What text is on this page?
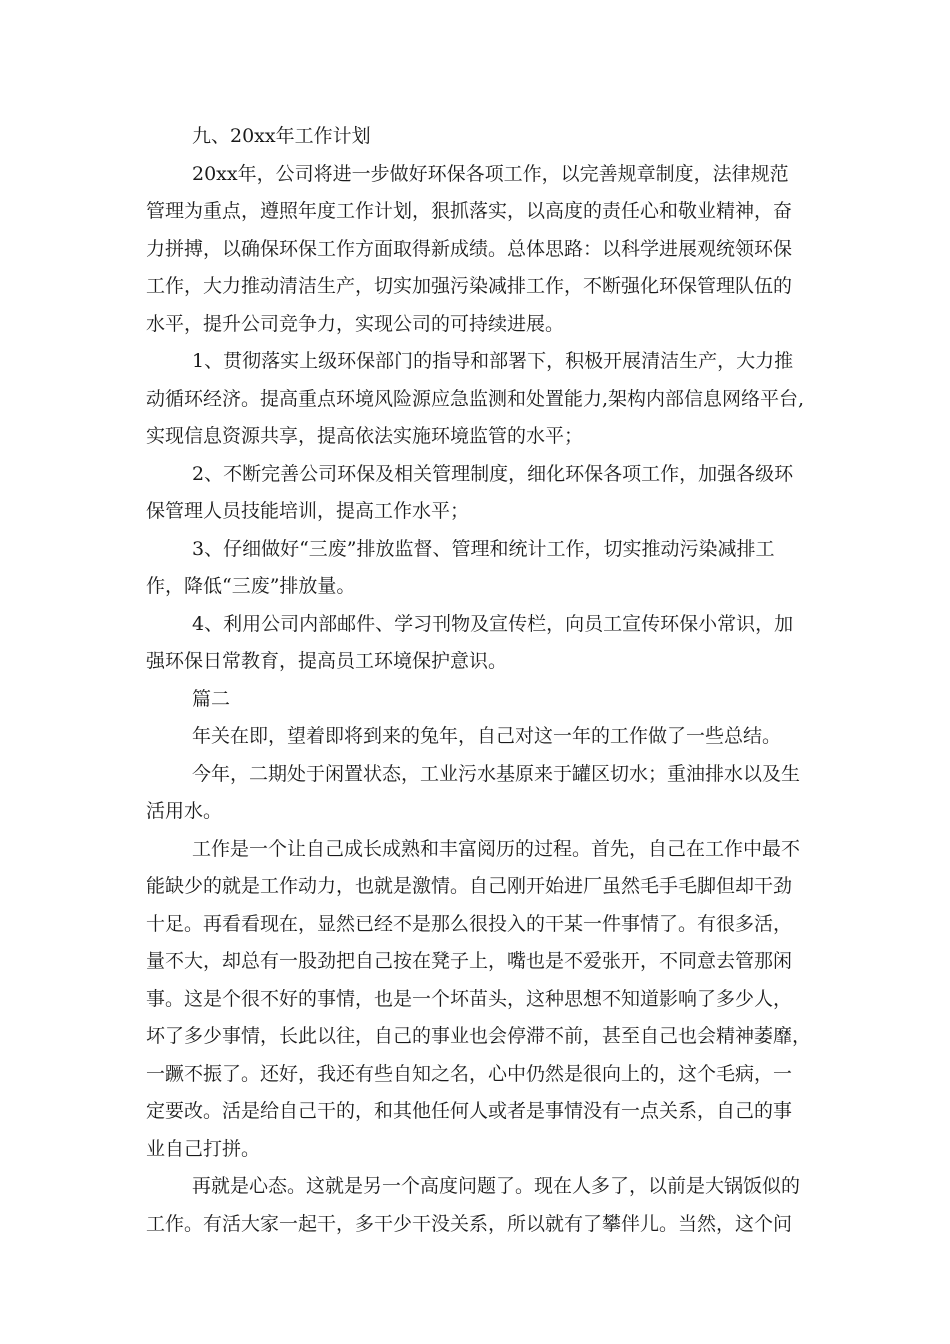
九、20xx年工作计划
20xx年，公司将进一步做好环保各项工作，以完善规章制度，法律规范
管理为重点，遵照年度工作计划，狠抓落实，以高度的责任心和敬业精神，奋
力拼搏，以确保环保工作方面取得新成绩。总体思路：以科学进展观统领环保
工作，大力推动清洁生产，切实加强污染减排工作，不断强化环保管理队伍的
水平，提升公司竞争力，实现公司的可持续进展。
1、贯彻落实上级环保部门的指导和部署下，积极开展清洁生产，大力推
动循环经济。提高重点环境风险源应急监测和处置能力,架构内部信息网络平台,
实现信息资源共享，提高依法实施环境监管的水平；
2、不断完善公司环保及相关管理制度，细化环保各项工作，加强各级环
保管理人员技能培训，提高工作水平；
3、仔细做好“三废”排放监督、管理和统计工作，切实推动污染减排工
作，降低“三废”排放量。
4、利用公司内部邮件、学习刊物及宣传栏，向员工宣传环保小常识，加
强环保日常教育，提高员工环境保护意识。
篇二
年关在即，望着即将到来的兔年，自己对这一年的工作做了一些总结。
今年，二期处于闲置状态，工业污水基原来于罐区切水；重油排水以及生
活用水。
工作是一个让自己成长成熟和丰富阅历的过程。首先，自己在工作中最不
能缺少的就是工作动力，也就是激情。自己刚开始进厂虽然毛手毛脚但却干劲
十足。再看看现在，显然已经不是那么很投入的干某一件事情了。有很多活，
量不大，却总有一股劲把自己按在凳子上，嘴也是不爱张开，不同意去管那闲
事。这是个很不好的事情，也是一个坏苗头，这种思想不知道影响了多少人，
坏了多少事情，长此以往，自己的事业也会停滞不前，甚至自己也会精神萎靡，
一蹶不振了。还好，我还有些自知之名，心中仍然是很向上的，这个毛病，一
定要改。活是给自己干的，和其他任何人或者是事情没有一点关系，自己的事
业自己打拼。
再就是心态。这就是另一个高度问题了。现在人多了，以前是大锅饭似的
工作。有活大家一起干，多干少干没关系，所以就有了攀伴儿。当然，这个问
